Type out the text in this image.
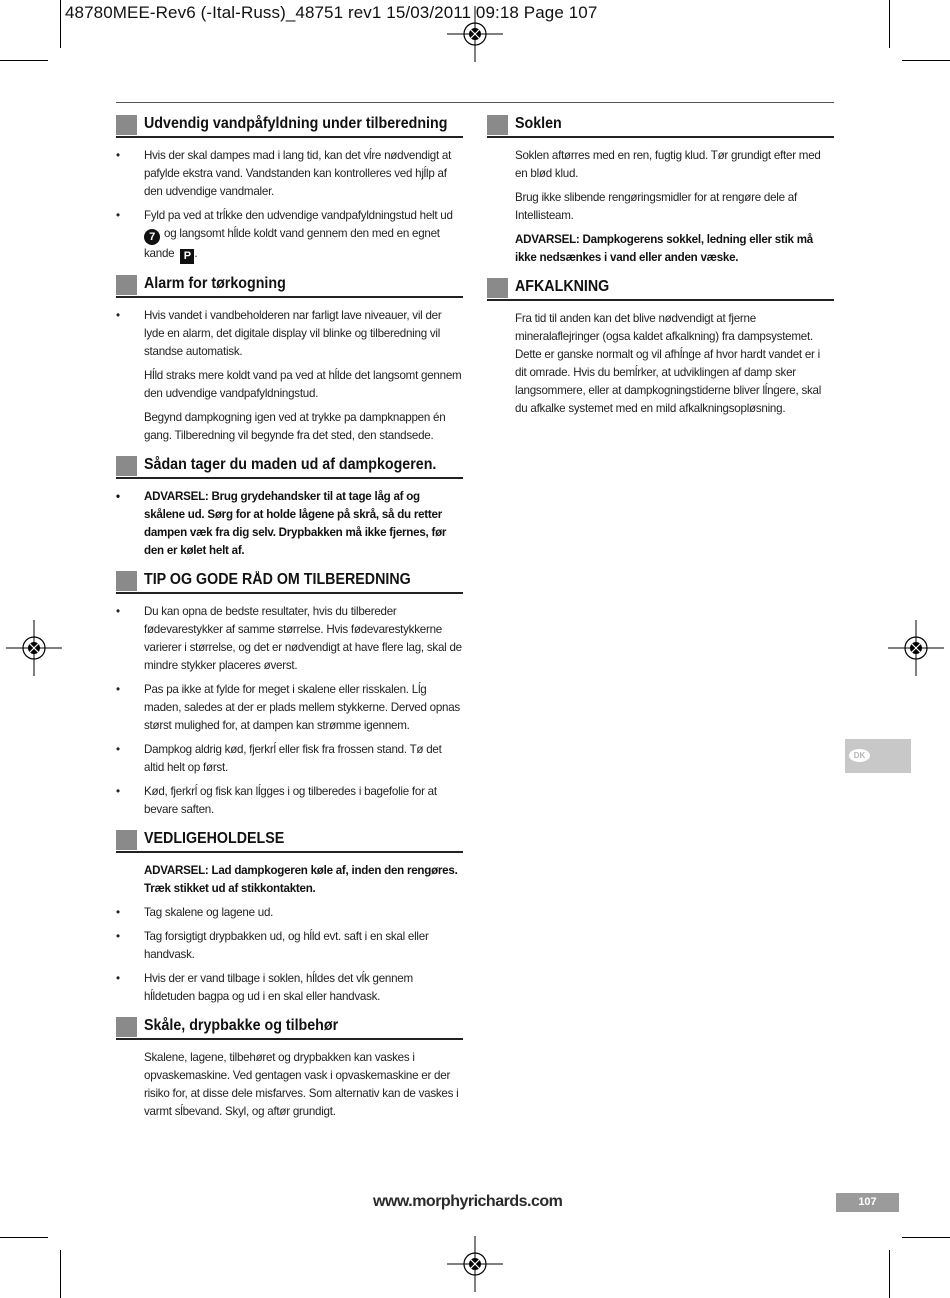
48780MEE-Rev6 (-Ital-Russ)_48751 rev1 15/03/2011 09:18 Page 107
Udvendig vandpåfyldning under tilberedning
• Hvis der skal dampes mad i lang tid, kan det vĺre nødvendigt at pafylde ekstra vand. Vandstanden kan kontrolleres ved hjĺlp af den udvendige vandmaler.
• Fyld pa ved at trĺkke den udvendige vandpafyldningstud helt ud
7 og langsomt hĺlde koldt vand gennem den med en egnet kande P .
Alarm for tørkogning
• Hvis vandet i vandbeholderen nar farligt lave niveauer, vil der lyde en alarm, det digitale display vil blinke og tilberedning vil standse automatisk.
Hĺld straks mere koldt vand pa ved at hĺlde det langsomt gennem den udvendige vandpafyldningstud.
Begynd dampkogning igen ved at trykke pa dampknappen én gang. Tilberedning vil begynde fra det sted, den standsede.
Sådan tager du maden ud af dampkogeren.
• ADVARSEL: Brug grydehandsker til at tage låg af og skålene ud. Sørg for at holde lågene på skrå, så du retter dampen væk fra dig selv. Drypbakken må ikke fjernes, før den er kølet helt af.
TIP OG GODE RÅD OM TILBEREDNING
• Du kan opna de bedste resultater, hvis du tilbereder fødevarestykker af samme størrelse. Hvis fødevarestykkerne varierer i størrelse, og det er nødvendigt at have flere lag, skal de mindre stykker placeres øverst.
• Pas pa ikke at fylde for meget i skalene eller risskalen. Lĺg maden, saledes at der er plads mellem stykkerne. Derved opnas størst mulighed for, at dampen kan strømme igennem.
• Dampkog aldrig kød, fjerkrĺ eller fisk fra frossen stand. Tø det altid helt op først.
• Kød, fjerkrĺ og fisk kan lĺgges i og tilberedes i bagefolie for at bevare saften.
VEDLIGEHOLDELSE
ADVARSEL: Lad dampkogeren køle af, inden den rengøres. Træk stikket ud af stikkontakten.
• Tag skalene og lagene ud.
• Tag forsigtigt drypbakken ud, og hĺld evt. saft i en skal eller handvask.
• Hvis der er vand tilbage i soklen, hĺldes det vĺk gennem hĺldetuden bagpa og ud i en skal eller handvask.
Skåle, drypbakke og tilbehør
Skalene, lagene, tilbehøret og drypbakken kan vaskes i opvaskemaskine. Ved gentagen vask i opvaskemaskine er der risiko for, at disse dele misfarves. Som alternativ kan de vaskes i varmt sĺbevand. Skyl, og aftør grundigt.
Soklen
Soklen aftørres med en ren, fugtig klud. Tør grundigt efter med en blød klud.
Brug ikke slibende rengøringsmidler for at rengøre dele af Intellisteam.
ADVARSEL: Dampkogerens sokkel, ledning eller stik må ikke nedsænkes i vand eller anden væske.
AFKALKNING
Fra tid til anden kan det blive nødvendigt at fjerne mineralaflejringer (ogsa kaldet afkalkning) fra dampsystemet. Dette er ganske normalt og vil afhĺnge af hvor hardt vandet er i dit omrade. Hvis du bemĺrker, at udviklingen af damp sker langsommere, eller at dampkogningstiderne bliver lĺngere, skal du afkalke systemet med en mild afkalkningsopløsning.
DK
www.morphyrichards.com	107
